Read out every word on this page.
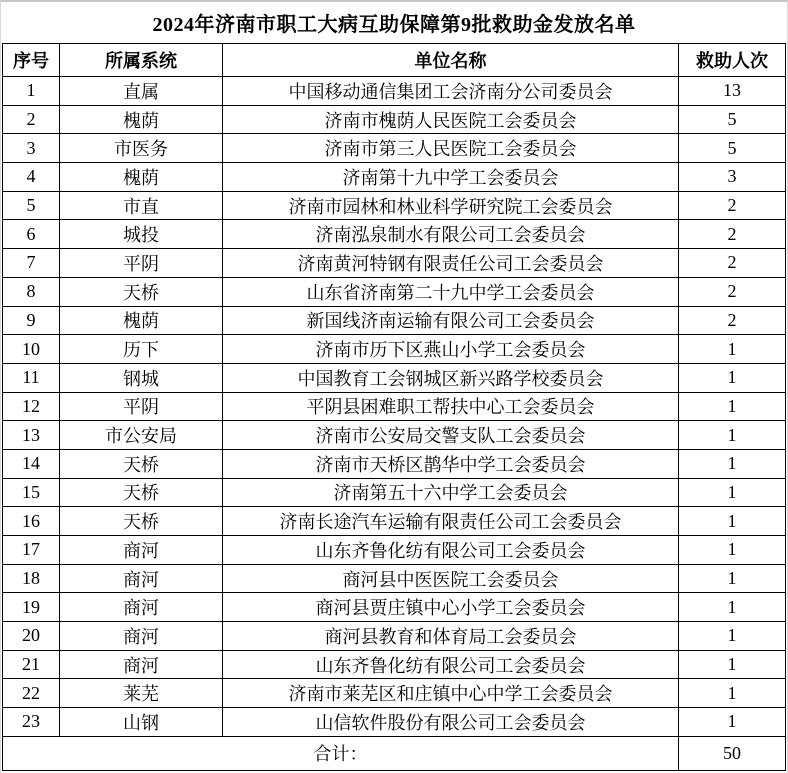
2024年济南市职工大病互助保障第9批救助金发放名单
序号	所属系统	单位名称	救助人次
1	直属	中国移动通信集团工会济南分公司委员会	13
2	槐荫	济南市槐荫人民医院工会委员会	5
3	市医务	济南市第三人民医院工会委员会	5
4	槐荫	济南第十九中学工会委员会	3
5	市直	济南市园林和林业科学研究院工会委员会	2
6	城投	济南泓泉制水有限公司工会委员会	2
7	平阴	济南黄河特钢有限责任公司工会委员会	2
8	天桥	山东省济南第二十九中学工会委员会	2
9	槐荫	新国线济南运输有限公司工会委员会	2
10	历下	济南市历下区燕山小学工会委员会	1
11	钢城	中国教育工会钢城区新兴路学校委员会	1
12	平阴	平阴县困难职工帮扶中心工会委员会	1
13	市公安局	济南市公安局交警支队工会委员会	1
14	天桥	济南市天桥区鹊华中学工会委员会	1
15	天桥	济南第五十六中学工会委员会	1
16	天桥	济南长途汽车运输有限责任公司工会委员会	1
17	商河	山东齐鲁化纺有限公司工会委员会	1
18	商河	商河县中医医院工会委员会	1
19	商河	商河县贾庄镇中心小学工会委员会	1
20	商河	商河县教育和体育局工会委员会	1
21	商河	山东齐鲁化纺有限公司工会委员会	1
22	莱芜	济南市莱芜区和庄镇中心中学工会委员会	1
23	山钢	山信软件股份有限公司工会委员会	1
合计：			50
